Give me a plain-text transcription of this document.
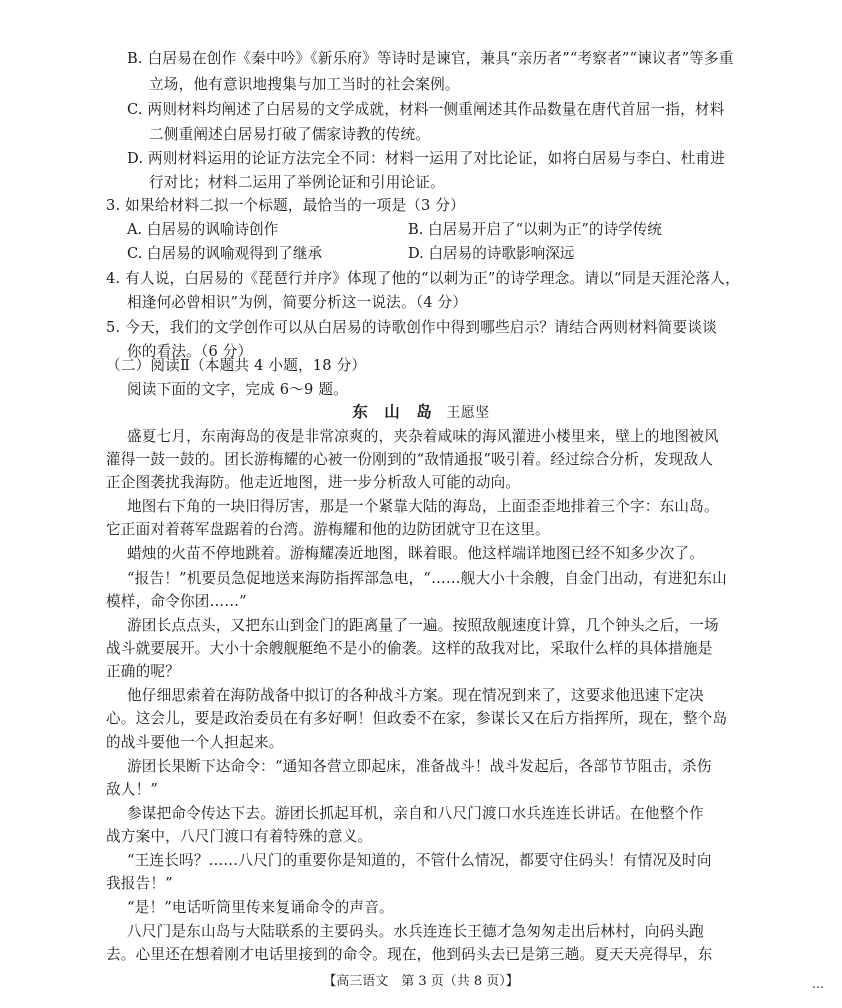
B. 白居易在创作《秦中吟》《新乐府》等诗时是谏官，兼具“亲历者”“考察者”“谏议者”等多重
立场，他有意识地搜集与加工当时的社会案例。
C. 两则材料均阐述了白居易的文学成就，材料一侧重阐述其作品数量在唐代首屈一指，材料
二侧重阐述白居易打破了儒家诗教的传统。
D. 两则材料运用的论证方法完全不同：材料一运用了对比论证，如将白居易与李白、杜甫进
行对比；材料二运用了举例论证和引用论证。
3. 如果给材料二拟一个标题，最恰当的一项是（3 分）
A. 白居易的讽喻诗创作	B. 白居易开启了“以刺为正”的诗学传统
C. 白居易的讽喻观得到了继承	D. 白居易的诗歌影响深远
4. 有人说，白居易的《琵琶行并序》体现了他的“以刺为正”的诗学理念。请以“同是天涯沦落人，
相逢何必曾相识”为例，简要分析这一说法。（4 分）
5. 今天，我们的文学创作可以从白居易的诗歌创作中得到哪些启示？请结合两则材料简要谈谈
你的看法。（6 分）
（二）阅读Ⅱ（本题共 4 小题，18 分）
阅读下面的文字，完成 6～9 题。
东　山　岛 王愿坚
盛夏七月，东南海岛的夜是非常凉爽的，夹杂着咸味的海风灌进小楼里来，壁上的地图被风
灌得一鼓一鼓的。团长游梅耀的心被一份刚到的“敌情通报”吸引着。经过综合分析，发现敌人
正企图袭扰我海防。他走近地图，进一步分析敌人可能的动向。
地图右下角的一块旧得厉害，那是一个紧靠大陆的海岛，上面歪歪地排着三个字：东山岛。
它正面对着蒋军盘踞着的台湾。游梅耀和他的边防团就守卫在这里。
蜡烛的火苗不停地跳着。游梅耀凑近地图，眯着眼。他这样端详地图已经不知多少次了。
“报告！”机要员急促地送来海防指挥部急电，“……舰大小十余艘，自金门出动，有进犯东山
模样，命令你团……”
游团长点点头，又把东山到金门的距离量了一遍。按照敌舰速度计算，几个钟头之后，一场
战斗就要展开。大小十余艘舰艇绝不是小的偷袭。这样的敌我对比，采取什么样的具体措施是
正确的呢？
他仔细思索着在海防战备中拟订的各种战斗方案。现在情况到来了，这要求他迅速下定决
心。这会儿，要是政治委员在有多好啊！但政委不在家，参谋长又在后方指挥所，现在，整个岛
的战斗要他一个人担起来。
游团长果断下达命令：“通知各营立即起床，准备战斗！战斗发起后，各部节节阻击，杀伤
敌人！”
参谋把命令传达下去。游团长抓起耳机，亲自和八尺门渡口水兵连连长讲话。在他整个作
战方案中，八尺门渡口有着特殊的意义。
“王连长吗？……八尺门的重要你是知道的，不管什么情况，都要守住码头！有情况及时向
我报告！”
“是！”电话听筒里传来复诵命令的声音。
八尺门是东山岛与大陆联系的主要码头。水兵连连长王德才急匆匆走出后林村，向码头跑
去。心里还在想着刚才电话里接到的命令。现在，他到码头去已是第三趟。夏天天亮得早，东
【高三语文　第 3 页（共 8 页）】	…
